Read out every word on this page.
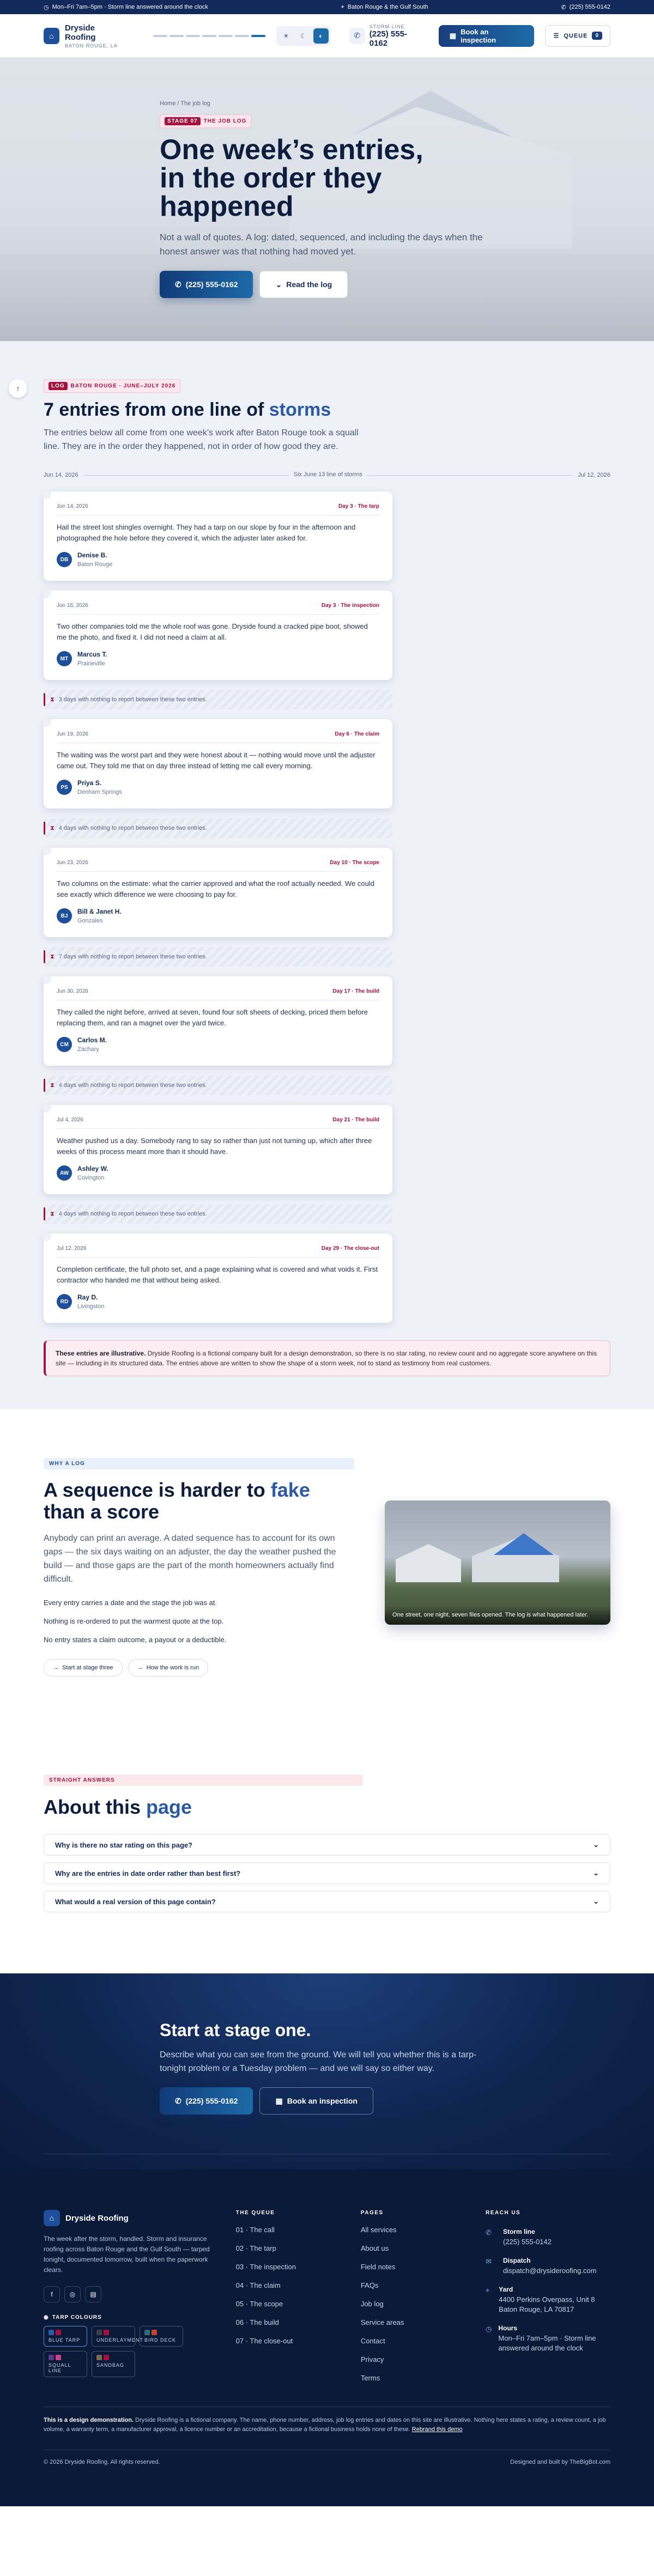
◷ Mon–Fri 7am–5pm · Storm line answered around the clock	⌖ Baton Rouge & the Gulf South	✆ (225) 555-0142
⌂
Dryside Roofing
BATON ROUGE, LA
☀	☾	◐	✆
STORM LINE
(225) 555-0162
▦ Book an inspection	☰ QUEUE	0
Home / The job log
STAGE 07	THE JOB LOG
One week’s entries, in the order they happened

Not a wall of quotes. A log: dated, sequenced, and including the days when the honest answer was that nothing had moved yet.

✆ (225) 555-0162	⌄ Read the log
↑	LOG	BATON ROUGE · JUNE–JULY 2026
7 entries from one line of storms

The entries below all come from one week’s work after Baton Rouge took a squall line. They are in the order they happened, not in order of how good they are.

Jun 14, 2026	Six June 13 line of storms	Jul 12, 2026
Jun 14, 2026	Day 3 · The tarp
Hail the street lost shingles overnight. They had a tarp on our slope by four in the afternoon and photographed the hole before they covered it, which the adjuster later asked for.
DB
Denise B.
Baton Rouge
Jun 16, 2026	Day 3 · The inspection
Two other companies told me the whole roof was gone. Dryside found a cracked pipe boot, showed me the photo, and fixed it. I did not need a claim at all.
MT
Marcus T.
Prairieville
⧗ 3 days with nothing to report between these two entries.
Jun 19, 2026	Day 6 · The claim
The waiting was the worst part and they were honest about it — nothing would move until the adjuster came out. They told me that on day three instead of letting me call every morning.
PS
Priya S.
Denham Springs
⧗ 4 days with nothing to report between these two entries.
Jun 23, 2026	Day 10 · The scope
Two columns on the estimate: what the carrier approved and what the roof actually needed. We could see exactly which difference we were choosing to pay for.
BJ
Bill & Janet H.
Gonzales
⧗ 7 days with nothing to report between these two entries.
Jun 30, 2026	Day 17 · The build
They called the night before, arrived at seven, found four soft sheets of decking, priced them before replacing them, and ran a magnet over the yard twice.
CM
Carlos M.
Zachary
⧗ 4 days with nothing to report between these two entries.
Jul 4, 2026	Day 21 · The build
Weather pushed us a day. Somebody rang to say so rather than just not turning up, which after three weeks of this process meant more than it should have.
AW
Ashley W.
Covington
⧗ 4 days with nothing to report between these two entries.
Jul 12, 2026	Day 29 · The close-out
Completion certificate, the full photo set, and a page explaining what is covered and what voids it. First contractor who handed me that without being asked.
RD
Ray D.
Livingston
These entries are illustrative. Dryside Roofing is a fictional company built for a design demonstration, so there is no star rating, no review count and no aggregate score anywhere on this site — including in its structured data. The entries above are written to show the shape of a storm week, not to stand as testimony from real customers.
WHY A LOG
A sequence is harder to fake than a score

Anybody can print an average. A dated sequence has to account for its own gaps — the six days waiting on an adjuster, the day the weather pushed the build — and those gaps are the part of the month homeowners actually find difficult.

Every entry carries a date and the stage the job was at.
Nothing is re-ordered to put the warmest quote at the top.
No entry states a claim outcome, a payout or a deductible.
→ Start at stage three	→ How the work is run
One street, one night, seven files opened. The log is what happened later.
STRAIGHT ANSWERS
About this page
Why is there no star rating on this page?	⌄
Why are the entries in date order rather than best first?	⌄
What would a real version of this page contain?	⌄
Start at stage one.

Describe what you can see from the ground. We will tell you whether this is a tarp-tonight problem or a Tuesday problem — and we will say so either way.

✆ (225) 555-0162	▦ Book an inspection
⌂	Dryside Roofing

The week after the storm, handled. Storm and insurance roofing across Baton Rouge and the Gulf South — tarped tonight, documented tomorrow, built when the paperwork clears.

f	◎	▤
◉ TARP COLOURS
BLUE TARP	UNDERLAYMENT BIRD DECK
SQUALL LINE
SANDBAG
THE QUEUE
01 · The call
02 · The tarp
03 · The inspection
04 · The claim
05 · The scope
06 · The build
07 · The close-out
PAGES
All services
About us
Field notes
FAQs
Job log
Service areas
Contact
Privacy
Terms
REACH US
✆	Storm line
(225) 555-0142
✉	Dispatch
dispatch@drysideroofing.com
⌖	Yard
4400 Perkins Overpass, Unit 8 Baton Rouge, LA 70817
◷ Hours
Mon–Fri 7am–5pm · Storm line answered around the clock
This is a design demonstration. Dryside Roofing is a fictional company. The name, phone number, address, job log entries and dates on this site are illustrative. Nothing here states a rating, a review count, a job volume, a warranty term, a manufacturer approval, a licence number or an accreditation, because a fictional business holds none of these. Rebrand this demo
© 2026 Dryside Roofing. All rights reserved.	Designed and built by TheBigBot.com
